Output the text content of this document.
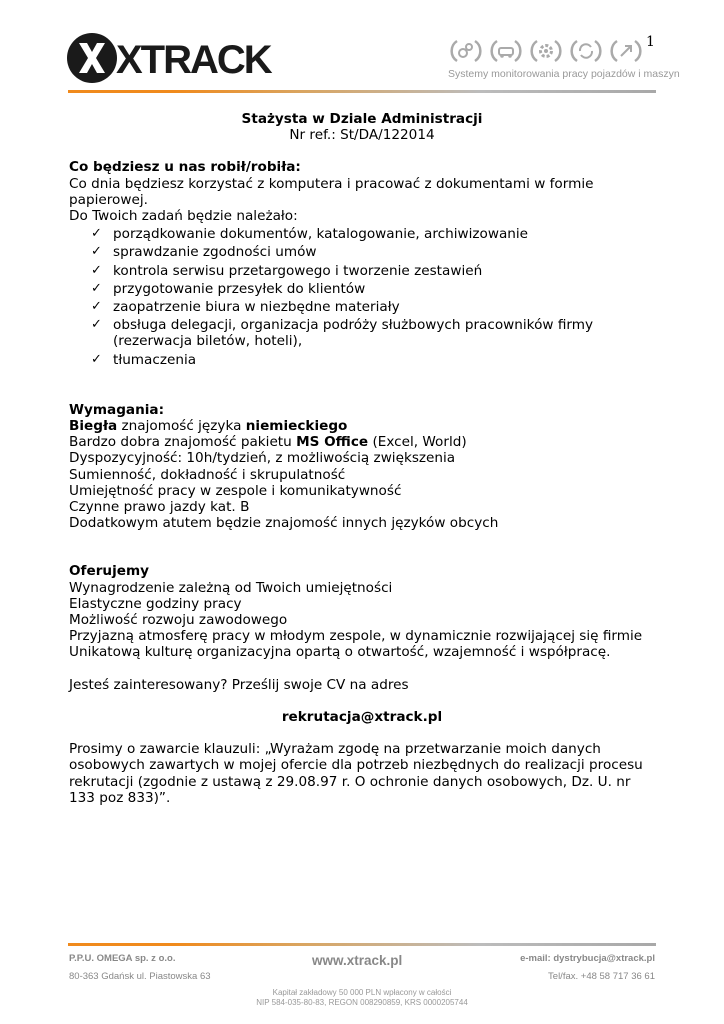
XTRACK	1
Systemy monitorowania pracy pojazdów i maszyn
Stażysta w Dziale Administracji
Nr ref.: St/DA/122014
Co będziesz u nas robił/robiła:
Co dnia będziesz korzystać z komputera i pracować z dokumentami w formie papierowej.
Do Twoich zadań będzie należało:
✓ porządkowanie dokumentów, katalogowanie, archiwizowanie
✓ sprawdzanie zgodności umów
✓ kontrola serwisu przetargowego i tworzenie zestawień
✓ przygotowanie przesyłek do klientów
✓ zaopatrzenie biura w niezbędne materiały
✓ obsługa delegacji, organizacja podróży służbowych pracowników firmy (rezerwacja biletów, hoteli),
✓ tłumaczenia
Wymagania:
Biegła znajomość języka niemieckiego
Bardzo dobra znajomość pakietu MS Office (Excel, World)
Dyspozycyjność: 10h/tydzień, z możliwością zwiększenia
Sumienność, dokładność i skrupulatność
Umiejętność pracy w zespole i komunikatywność
Czynne prawo jazdy kat. B
Dodatkowym atutem będzie znajomość innych języków obcych
Oferujemy
Wynagrodzenie zależną od Twoich umiejętności
Elastyczne godziny pracy
Możliwość rozwoju zawodowego
Przyjazną atmosferę pracy w młodym zespole, w dynamicznie rozwijającej się firmie
Unikatową kulturę organizacyjna opartą o otwartość, wzajemność i współpracę.
Jesteś zainteresowany? Prześlij swoje CV na adres
rekrutacja@xtrack.pl
Prosimy o zawarcie klauzuli: „Wyrażam zgodę na przetwarzanie moich danych osobowych zawartych w mojej ofercie dla potrzeb niezbędnych do realizacji procesu rekrutacji (zgodnie z ustawą z 29.08.97 r. O ochronie danych osobowych, Dz. U. nr 133 poz 833)”.
P.P.U. OMEGA sp. z o.o.
80-363 Gdańsk ul. Piastowska 63
www.xtrack.pl	e-mail: dystrybucja@xtrack.pl
Tel/fax. +48 58 717 36 61
Kapitał zakładowy 50 000 PLN wpłacony w całości
NIP 584-035-80-83, REGON 008290859, KRS 0000205744
